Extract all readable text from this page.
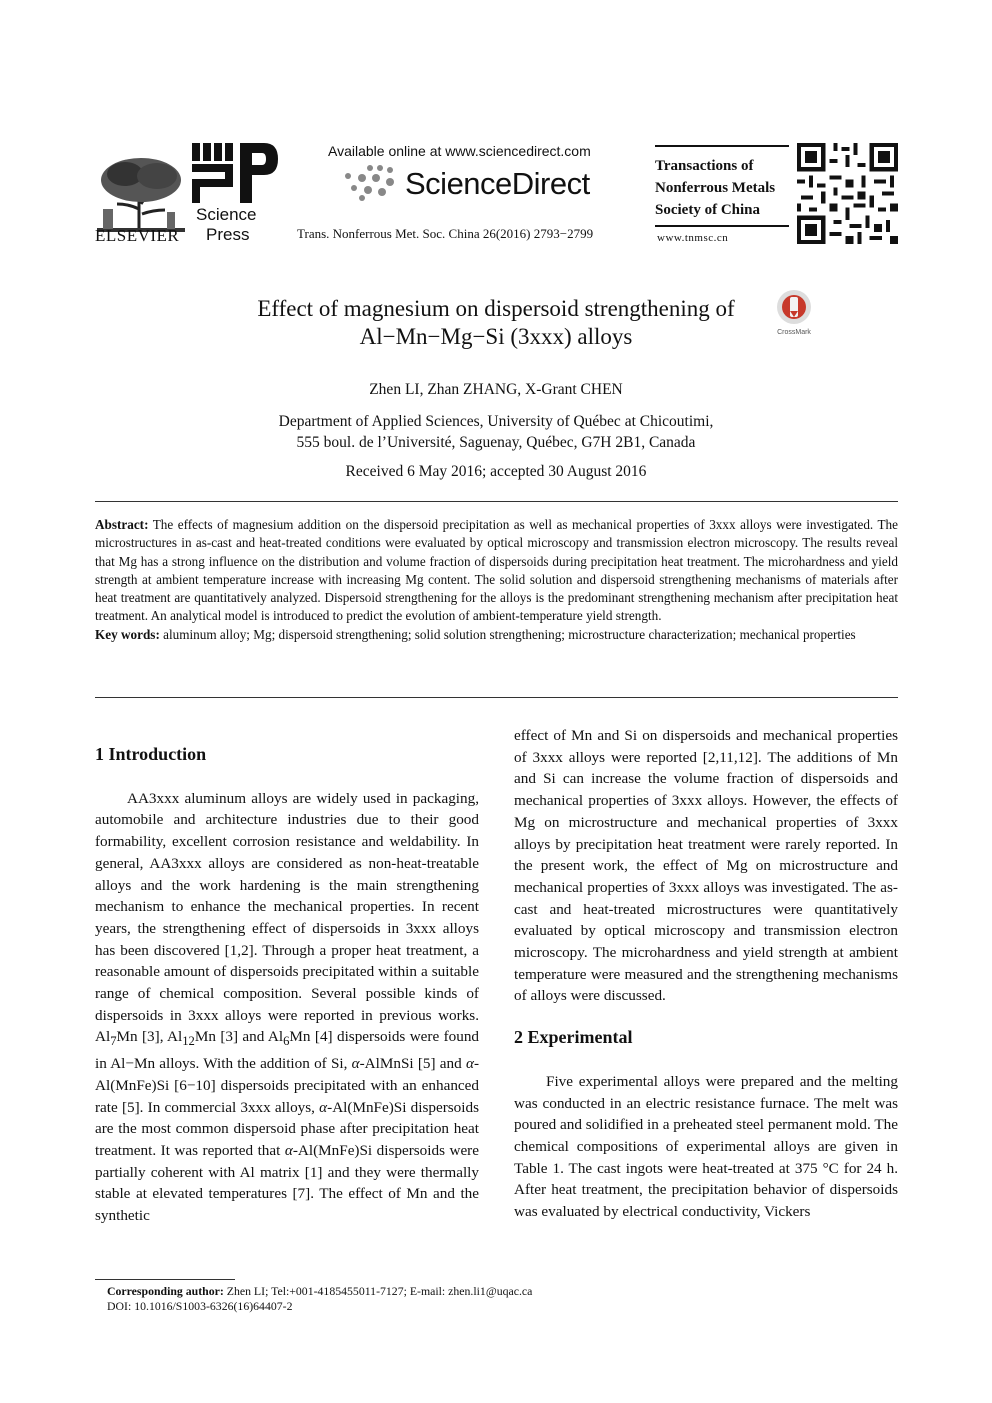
ELSEVIER
Science
Press
Available online at www.sciencedirect.com
ScienceDirect
Trans. Nonferrous Met. Soc. China 26(2016) 2793−2799
Transactions of
Nonferrous Metals
Society of China
www.tnmsc.cn
Effect of magnesium on dispersoid strengthening of
Al−Mn−Mg−Si (3xxx) alloys	CrossMark
Zhen LI, Zhan ZHANG, X-Grant CHEN
Department of Applied Sciences, University of Québec at Chicoutimi,
555 boul. de l’Université, Saguenay, Québec, G7H 2B1, Canada
Received 6 May 2016; accepted 30 August 2016

Abstract: The effects of magnesium addition on the dispersoid precipitation as well as mechanical properties of 3xxx alloys were investigated. The microstructures in as-cast and heat-treated conditions were evaluated by optical microscopy and transmission electron microscopy. The results reveal that Mg has a strong influence on the distribution and volume fraction of dispersoids during precipitation heat treatment. The microhardness and yield strength at ambient temperature increase with increasing Mg content. The solid solution and dispersoid strengthening mechanisms of materials after heat treatment are quantitatively analyzed. Dispersoid strengthening for the alloys is the predominant strengthening mechanism after precipitation heat treatment. An analytical model is introduced to predict the evolution of ambient-temperature yield strength.

Key words: aluminum alloy; Mg; dispersoid strengthening; solid solution strengthening; microstructure characterization; mechanical properties

1 Introduction

AA3xxx aluminum alloys are widely used in packaging, automobile and architecture industries due to their good formability, excellent corrosion resistance and weldability. In general, AA3xxx alloys are considered as non-heat-treatable alloys and the work hardening is the main strengthening mechanism to enhance the mechanical properties. In recent years, the strengthening effect of dispersoids in 3xxx alloys has been discovered [1,2]. Through a proper heat treatment, a reasonable amount of dispersoids precipitated within a suitable range of chemical composition. Several possible kinds of dispersoids in 3xxx alloys were reported in previous works. $Al_7Mn$ [3], $Al_{12}Mn$ [3] and $Al_6Mn$ [4] dispersoids were found in Al−Mn alloys. With the addition of Si, α-AlMnSi [5] and α-Al(MnFe)Si [6−10] dispersoids precipitated with an enhanced rate [5]. In commercial 3xxx alloys, α-Al(MnFe)Si dispersoids are the most common dispersoid phase after precipitation heat treatment. It was reported that α-Al(MnFe)Si dispersoids were partially coherent with Al matrix [1] and they were thermally stable at elevated temperatures [7]. The effect of Mn and the synthetic

effect of Mn and Si on dispersoids and mechanical properties of 3xxx alloys were reported [2,11,12]. The additions of Mn and Si can increase the volume fraction of dispersoids and mechanical properties of 3xxx alloys. However, the effects of Mg on microstructure and mechanical properties of 3xxx alloys by precipitation heat treatment were rarely reported. In the present work, the effect of Mg on microstructure and mechanical properties of 3xxx alloys was investigated. The as-cast and heat-treated microstructures were quantitatively evaluated by optical microscopy and transmission electron microscopy. The microhardness and yield strength at ambient temperature were measured and the strengthening mechanisms of alloys were discussed.

2 Experimental

Five experimental alloys were prepared and the melting was conducted in an electric resistance furnace. The melt was poured and solidified in a preheated steel permanent mold. The chemical compositions of experimental alloys are given in Table 1. The cast ingots were heat-treated at 375 °C for 24 h. After heat treatment, the precipitation behavior of dispersoids was evaluated by electrical conductivity, Vickers

Corresponding author: Zhen LI; Tel:+001-4185455011-7127; E-mail: zhen.li1@uqac.ca
DOI: 10.1016/S1003-6326(16)64407-2
